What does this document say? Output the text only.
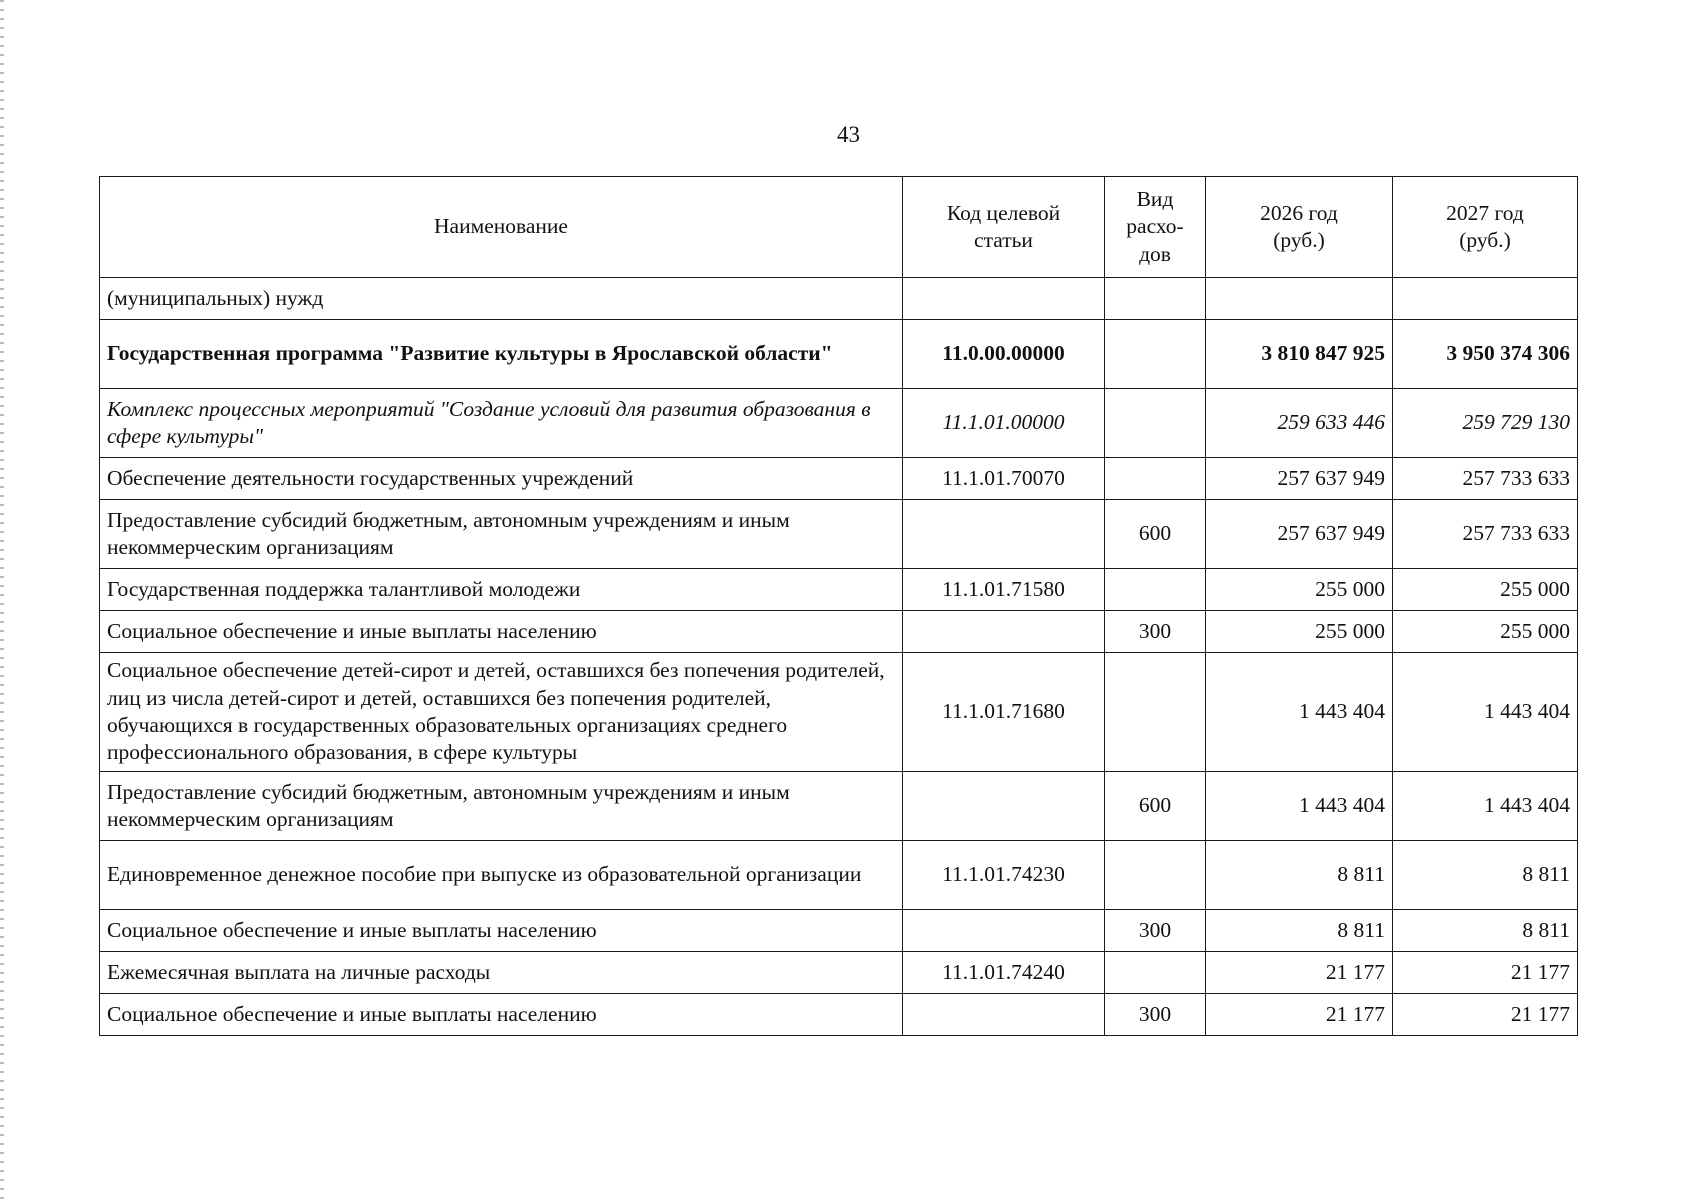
43
Наименование	Код целевой статьи	Вид расхо-дов	2026 год (руб.)	2027 год (руб.)
(муниципальных) нужд				
Государственная программа "Развитие культуры в Ярославской области"	11.0.00.00000		3 810 847 925	3 950 374 306
Комплекс процессных мероприятий "Создание условий для развития образования в сфере культуры"	11.1.01.00000		259 633 446	259 729 130
Обеспечение деятельности государственных учреждений	11.1.01.70070		257 637 949	257 733 633
Предоставление субсидий бюджетным, автономным учреждениям и иным некоммерческим организациям		600	257 637 949	257 733 633
Государственная поддержка талантливой молодежи	11.1.01.71580		255 000	255 000
Социальное обеспечение и иные выплаты населению		300	255 000	255 000
Социальное обеспечение детей-сирот и детей, оставшихся без попечения родителей, лиц из числа детей-сирот и детей, оставшихся без попечения родителей, обучающихся в государственных образовательных организациях среднего профессионального образования, в сфере культуры	11.1.01.71680		1 443 404	1 443 404
Предоставление субсидий бюджетным, автономным учреждениям и иным некоммерческим организациям		600	1 443 404	1 443 404
Единовременное денежное пособие при выпуске из образовательной организации	11.1.01.74230		8 811	8 811
Социальное обеспечение и иные выплаты населению		300	8 811	8 811
Ежемесячная выплата на личные расходы	11.1.01.74240		21 177	21 177
Социальное обеспечение и иные выплаты населению		300	21 177	21 177
